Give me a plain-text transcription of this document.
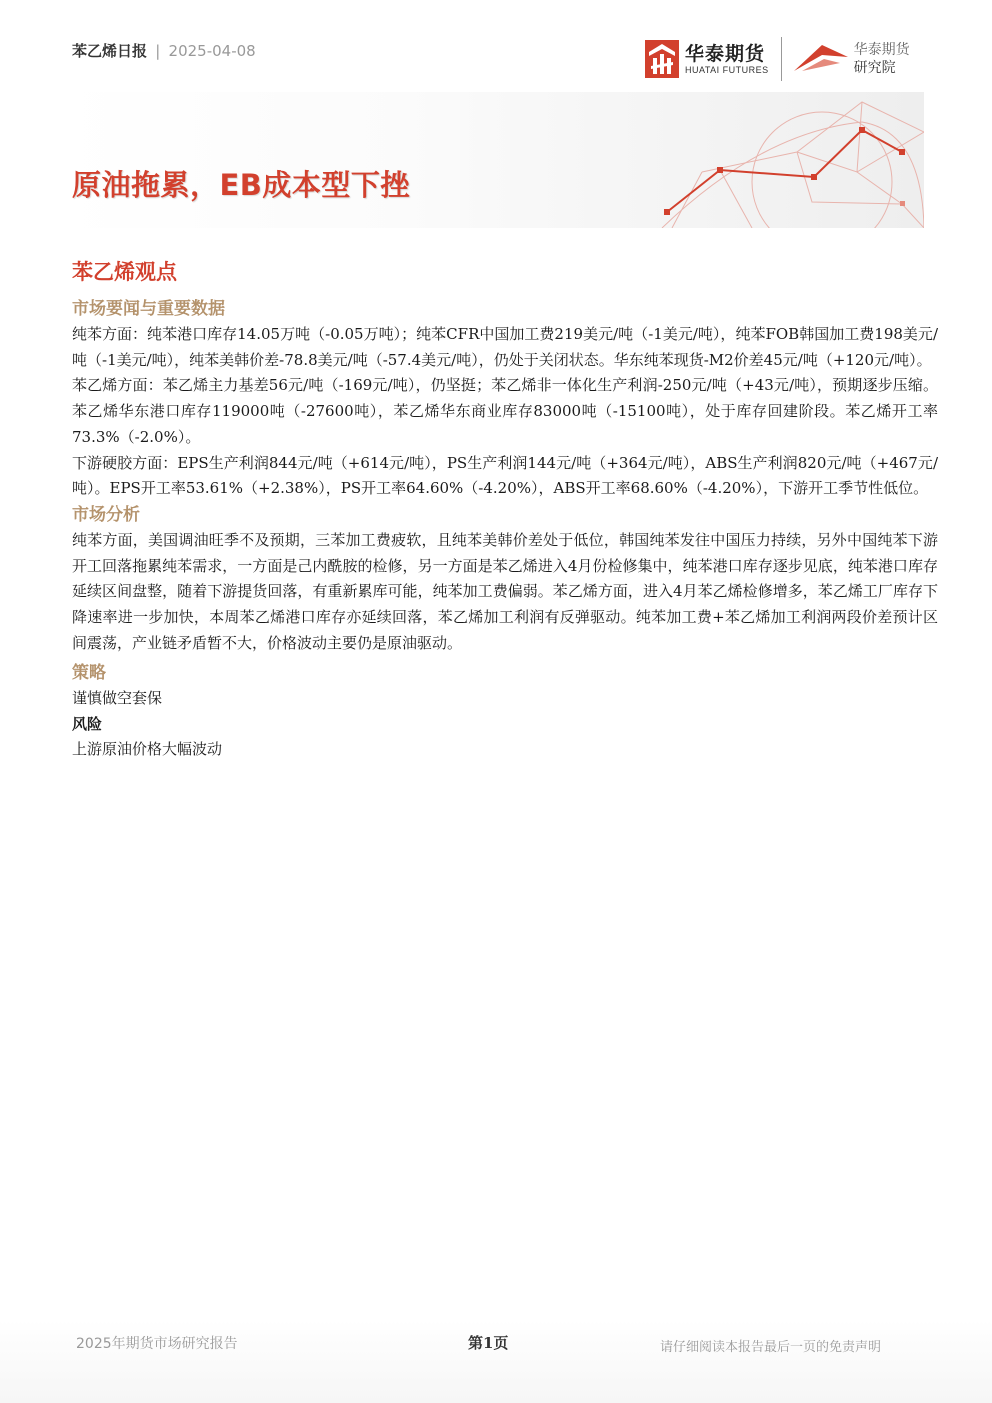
苯乙烯日报 | 2025-04-08	华泰期货
HUATAI FUTURES
华泰期货
研究院
原油拖累，EB成本型下挫
苯乙烯观点
市场要闻与重要数据

纯苯方面：纯苯港口库存14.05万吨（-0.05万吨）；纯苯CFR中国加工费219美元/吨（-1美元/吨），纯苯FOB韩国加工费198美元/吨（-1美元/吨），纯苯美韩价差-78.8美元/吨（-57.4美元/吨），仍处于关闭状态。华东纯苯现货-M2价差45元/吨（+120元/吨）。

苯乙烯方面：苯乙烯主力基差56元/吨（-169元/吨），仍坚挺；苯乙烯非一体化生产利润-250元/吨（+43元/吨），预期逐步压缩。苯乙烯华东港口库存119000吨（-27600吨），苯乙烯华东商业库存83000吨（-15100吨），处于库存回建阶段。苯乙烯开工率73.3%（-2.0%）。

下游硬胶方面：EPS生产利润844元/吨（+614元/吨），PS生产利润144元/吨（+364元/吨），ABS生产利润820元/吨（+467元/吨）。EPS开工率53.61%（+2.38%），PS开工率64.60%（-4.20%），ABS开工率68.60%（-4.20%），下游开工季节性低位。

市场分析

纯苯方面，美国调油旺季不及预期，三苯加工费疲软，且纯苯美韩价差处于低位，韩国纯苯发往中国压力持续，另外中国纯苯下游开工回落拖累纯苯需求，一方面是己内酰胺的检修，另一方面是苯乙烯进入4月份检修集中，纯苯港口库存逐步见底，纯苯港口库存延续区间盘整，随着下游提货回落，有重新累库可能，纯苯加工费偏弱。苯乙烯方面，进入4月苯乙烯检修增多，苯乙烯工厂库存下降速率进一步加快，本周苯乙烯港口库存亦延续回落，苯乙烯加工利润有反弹驱动。纯苯加工费+苯乙烯加工利润两段价差预计区间震荡，产业链矛盾暂不大，价格波动主要仍是原油驱动。

策略

谨慎做空套保

风险

上游原油价格大幅波动

2025年期货市场研究报告	第1页	请仔细阅读本报告最后一页的免责声明
